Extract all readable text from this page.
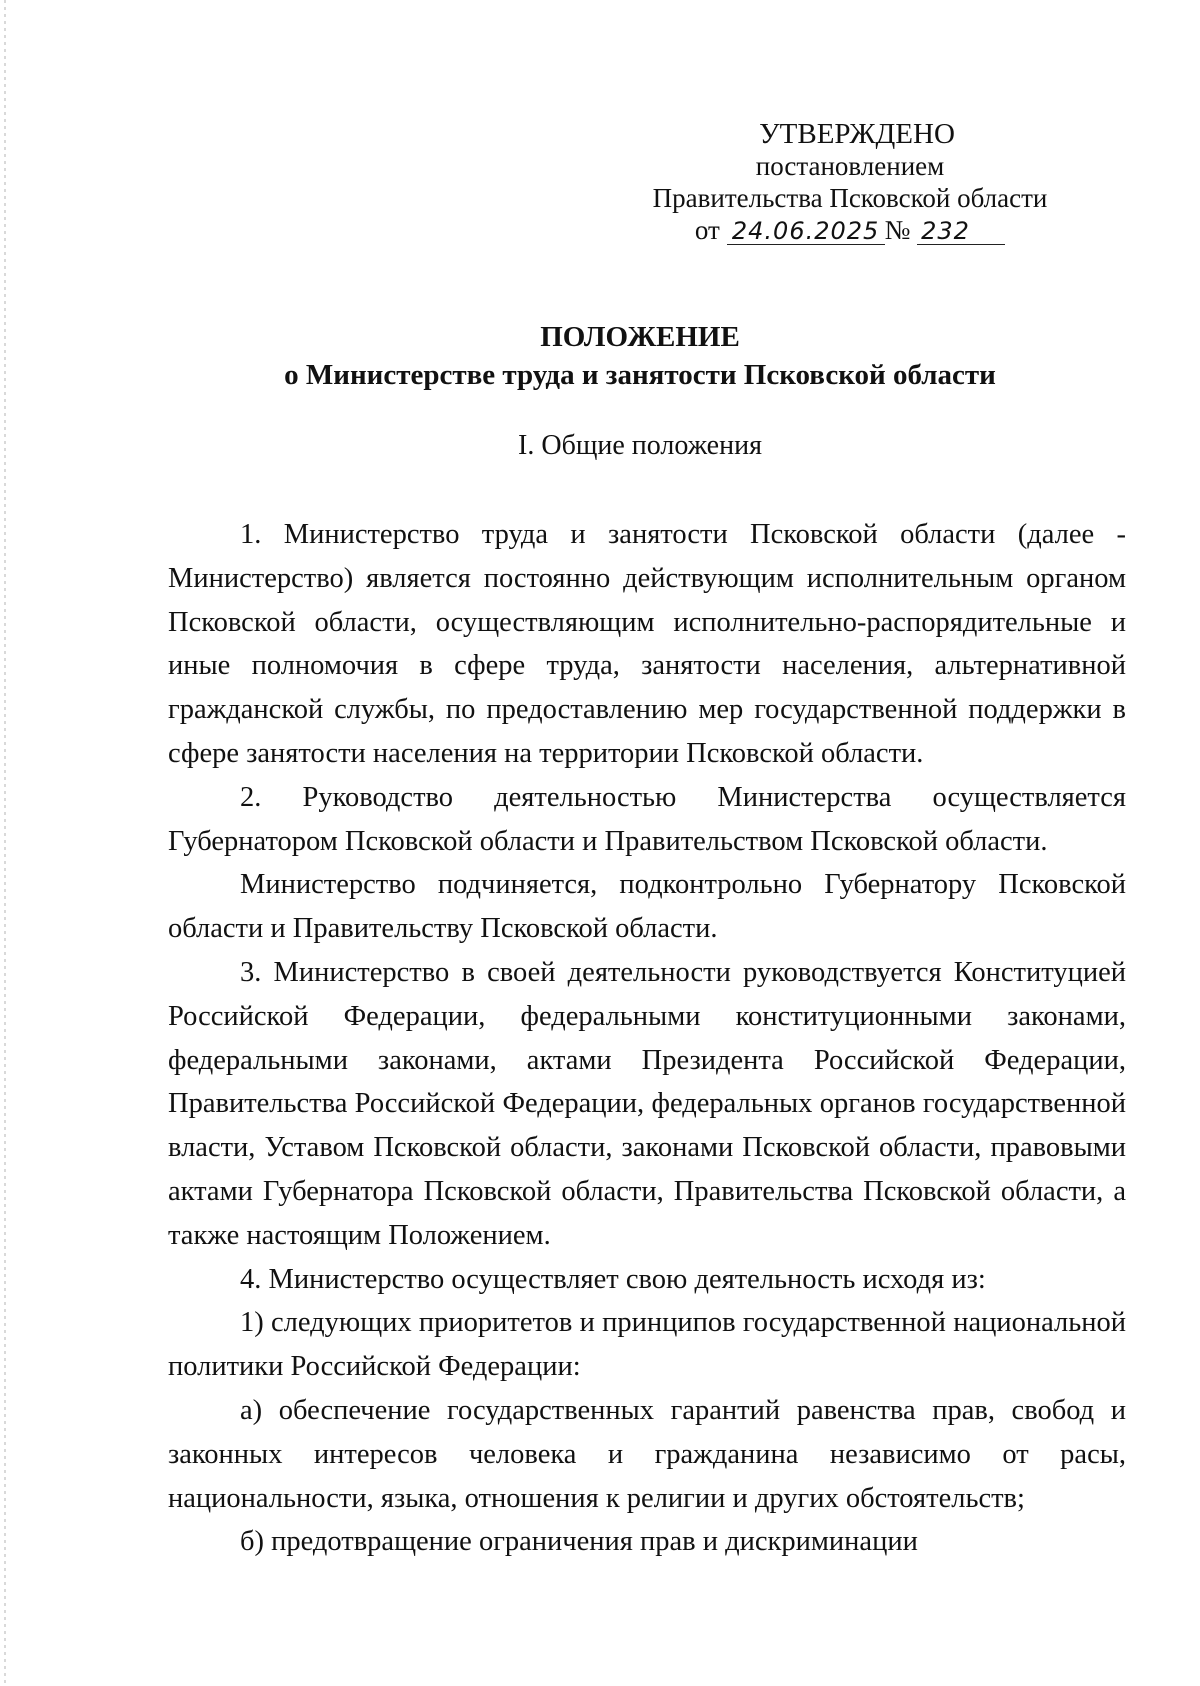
УТВЕРЖДЕНО
постановлением
Правительства Псковской области
от 24.06.2025 № 232
ПОЛОЖЕНИЕ
о Министерстве труда и занятости Псковской области
I. Общие положения

1. Министерство труда и занятости Псковской области (далее - Министерство) является постоянно действующим исполнительным органом Псковской области, осуществляющим исполнительно-распорядительные и иные полномочия в сфере труда, занятости населения, альтернативной гражданской службы, по предоставлению мер государственной поддержки в сфере занятости населения на территории Псковской области.

2. Руководство деятельностью Министерства осуществляется Губернатором Псковской области и Правительством Псковской области.

Министерство подчиняется, подконтрольно Губернатору Псковской области и Правительству Псковской области.

3. Министерство в своей деятельности руководствуется Конституцией Российской Федерации, федеральными конституционными законами, федеральными законами, актами Президента Российской Федерации, Правительства Российской Федерации, федеральных органов государственной власти, Уставом Псковской области, законами Псковской области, правовыми актами Губернатора Псковской области, Правительства Псковской области, а также настоящим Положением.

4. Министерство осуществляет свою деятельность исходя из:

1) следующих приоритетов и принципов государственной национальной политики Российской Федерации:

а) обеспечение государственных гарантий равенства прав, свобод и законных интересов человека и гражданина независимо от расы, национальности, языка, отношения к религии и других обстоятельств;

б) предотвращение ограничения прав и дискриминации
